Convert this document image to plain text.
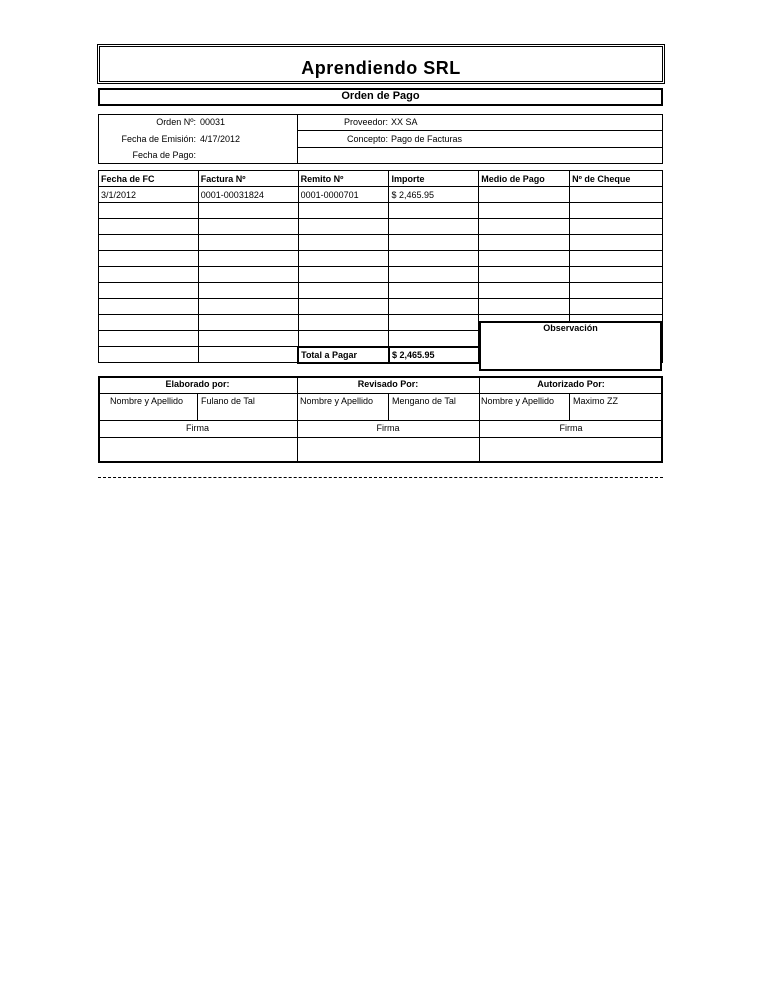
Aprendiendo SRL
Orden de Pago
Orden Nº: 00031
Fecha de Emisión: 4/17/2012
Fecha de Pago:
Proveedor: XX SA
Concepto: Pago de Facturas
Fecha de FC	Factura Nº	Remito Nº	Importe	Medio de Pago	Nº de Cheque
3/1/2012	0001-00031824	0001-0000701	$ 2,465.95		

		Total a Pagar	$ 2,465.95		
Observación
Elaborado por:	Revisado Por:	Autorizado Por:
Nombre y Apellido Fulano de Tal	Nombre y Apellido Mengano de Tal	Nombre y Apellido Maximo ZZ
Firma	Firma	Firma
